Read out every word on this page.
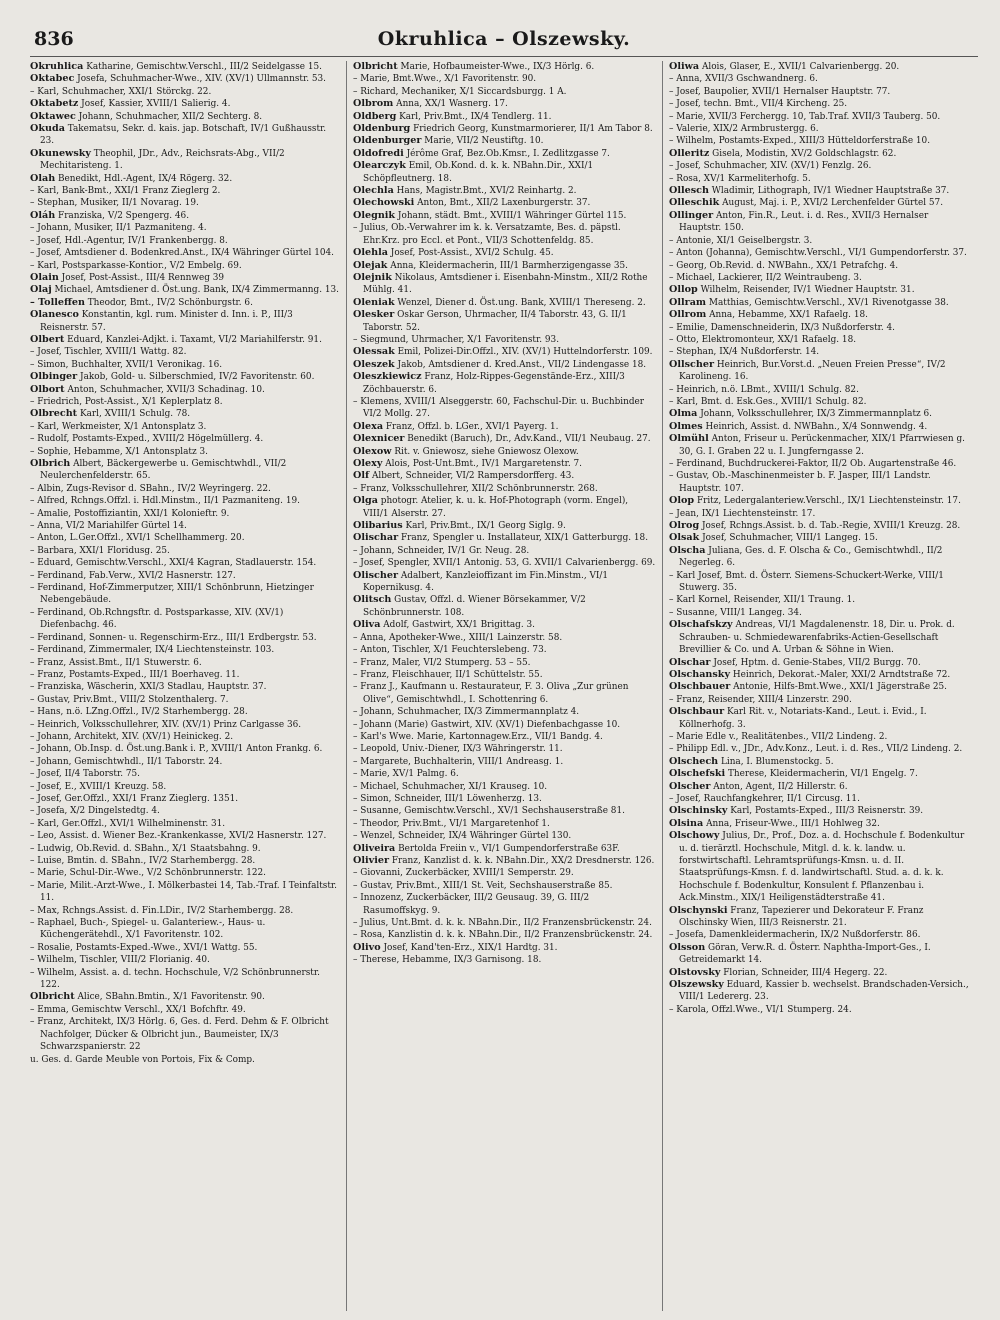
836	Okruhlica – Olszewsky.

Okruhlica Katharine, Gemischtw.Verschl., III/2 Seidelgasse 15.

Oktabec Josefa, Schuhmacher-Wwe., XIV. (XV/1) Ullmannstr. 53.

– Karl, Schuhmacher, XXI/1 Störckg. 22.

Oktabetz Josef, Kassier, XVIII/1 Salierig. 4.

Oktawec Johann, Schuhmacher, XII/2 Sechterg. 8.

Okuda Takematsu, Sekr. d. kais. jap. Botschaft, IV/1 Gußhausstr. 23.

Okunewsky Theophil, JDr., Adv., Reichsrats-Abg., VII/2 Mechitaristeng. 1.

Olah Benedikt, Hdl.-Agent, IX/4 Rögerg. 32.

– Karl, Bank-Bmt., XXI/1 Franz Zieglerg 2.

– Stephan, Musiker, II/1 Novarag. 19.

Oláh Franziska, V/2 Spengerg. 46.

– Johann, Musiker, II/1 Pazmaniteng. 4.

– Josef, Hdl.-Agentur, IV/1 Frankenbergg. 8.

– Josef, Amtsdiener d. Bodenkred.Anst., IX/4 Währinger Gürtel 104.

– Karl, Postsparkasse-Kontior., V/2 Embelg. 69.

Olain Josef, Post-Assist., III/4 Rennweg 39

Olaj Michael, Amtsdiener d. Öst.ung. Bank, IX/4 Zimmermanng. 13.

– Tolleffen Theodor, Bmt., IV/2 Schönburgstr. 6.

Olanesco Konstantin, kgl. rum. Minister d. Inn. i. P., III/3 Reisnerstr. 57.

Olbert Eduard, Kanzlei-Adjkt. i. Taxamt, VI/2 Mariahilferstr. 91.

– Josef, Tischler, XVIII/1 Wattg. 82.

– Simon, Buchhalter, XVII/1 Veronikag. 16.

Olbinger Jakob, Gold- u. Silberschmied, IV/2 Favoritenstr. 60.

Olbort Anton, Schuhmacher, XVII/3 Schadinag. 10.

– Friedrich, Post-Assist., X/1 Keplerplatz 8.

Olbrecht Karl, XVIII/1 Schulg. 78.

– Karl, Werkmeister, X/1 Antonsplatz 3.

– Rudolf, Postamts-Exped., XVIII/2 Högelmüllerg. 4.

– Sophie, Hebamme, X/1 Antonsplatz 3.

Olbrich Albert, Bäckergewerbe u. Gemischtwhdl., VII/2 Neulerchenfelderstr. 65.

– Albin, Zugs-Revisor d. SBahn., IV/2 Weyringerg. 22.

– Alfred, Rchngs.Offzl. i. Hdl.Minstm., II/1 Pazmaniteng. 19.

– Amalie, Postoffiziantin, XXI/1 Kolonieftr. 9.

– Anna, VI/2 Mariahilfer Gürtel 14.

– Anton, L.Ger.Offzl., XVI/1 Schellhammerg. 20.

– Barbara, XXI/1 Floridusg. 25.

– Eduard, Gemischtw.Verschl., XXI/4 Kagran, Stadlauerstr. 154.

– Ferdinand, Fab.Verw., XVI/2 Hasnerstr. 127.

– Ferdinand, Hof-Zimmerputzer, XIII/1 Schönbrunn, Hietzinger Nebengebäude.

– Ferdinand, Ob.Rchngsftr. d. Postsparkasse, XIV. (XV/1) Diefenbachg. 46.

– Ferdinand, Sonnen- u. Regenschirm-Erz., III/1 Erdbergstr. 53.

– Ferdinand, Zimmermaler, IX/4 Liechtensteinstr. 103.

– Franz, Assist.Bmt., II/1 Stuwerstr. 6.

– Franz, Postamts-Exped., III/1 Boerhaveg. 11.

– Franziska, Wäscherin, XXI/3 Stadlau, Hauptstr. 37.

– Gustav, Priv.Bmt., VIII/2 Stolzenthalerg. 7.

– Hans, n.ö. LZng.Offzl., IV/2 Starhembergg. 28.

– Heinrich, Volksschullehrer, XIV. (XV/1) Prinz Carlgasse 36.

– Johann, Architekt, XIV. (XV/1) Heinickeg. 2.

– Johann, Ob.Insp. d. Öst.ung.Bank i. P., XVIII/1 Anton Frankg. 6.

– Johann, Gemischtwhdl., II/1 Taborstr. 24.

– Josef, II/4 Taborstr. 75.

– Josef, E., XVIII/1 Kreuzg. 58.

– Josef, Ger.Offzl., XXI/1 Franz Zieglerg. 1351.

– Josefa, X/2 Dingelstedtg. 4.

– Karl, Ger.Offzl., XVI/1 Wilhelminenstr. 31.

– Leo, Assist. d. Wiener Bez.-Krankenkasse, XVI/2 Hasnerstr. 127.

– Ludwig, Ob.Revid. d. SBahn., X/1 Staatsbahng. 9.

– Luise, Bmtin. d. SBahn., IV/2 Starhembergg. 28.

– Marie, Schul-Dir.-Wwe., V/2 Schönbrunnerstr. 122.

– Marie, Milit.-Arzt-Wwe., I. Mölkerbastei 14, Tab.-Traf. I Teinfaltstr. 11.

– Max, Rchngs.Assist. d. Fin.LDir., IV/2 Starhembergg. 28.

– Raphael, Buch-, Spiegel- u. Galanteriew.-, Haus- u. Küchengerätehdl., X/1 Favoritenstr. 102.

– Rosalie, Postamts-Exped.-Wwe., XVI/1 Wattg. 55.

– Wilhelm, Tischler, VIII/2 Florianig. 40.

– Wilhelm, Assist. a. d. techn. Hochschule, V/2 Schönbrunnerstr. 122.

Olbricht Alice, SBahn.Bmtin., X/1 Favoritenstr. 90.

– Emma, Gemischtw Verschl., XX/1 Bofchftr. 49.

– Franz, Architekt, IX/3 Hörlg. 6, Ges. d. Ferd. Dehm & F. Olbricht Nachfolger, Dücker & Olbricht jun., Baumeister, IX/3 Schwarzspanierstr. 22

u. Ges. d. Garde Meuble von Portois, Fix & Comp.

Olbricht Marie, Hofbaumeister-Wwe., IX/3 Hörlg. 6.

– Marie, Bmt.Wwe., X/1 Favoritenstr. 90.

– Richard, Mechaniker, X/1 Siccardsburgg. 1 A.

Olbrom Anna, XX/1 Wasnerg. 17.

Oldberg Karl, Priv.Bmt., IX/4 Tendlerg. 11.

Oldenburg Friedrich Georg, Kunstmarmorierer, II/1 Am Tabor 8.

Oldenburger Marie, VII/2 Neustiftg. 10.

Oldofredi Jérôme Graf, Bez.Ob.Kmsr., I. Zedlitzgasse 7.

Olearczyk Emil, Ob.Kond. d. k. k. NBahn.Dir., XXI/1 Schöpfleutnerg. 18.

Olechla Hans, Magistr.Bmt., XVI/2 Reinhartg. 2.

Olechowski Anton, Bmt., XII/2 Laxenburgerstr. 37.

Olegnik Johann, städt. Bmt., XVIII/1 Währinger Gürtel 115.

– Julius, Ob.-Verwahrer im k. k. Versatzamte, Bes. d. päpstl. Ehr.Krz. pro Eccl. et Pont., VII/3 Schottenfeldg. 85.

Olehla Josef, Post-Assist., XVI/2 Schulg. 45.

Olejak Anna, Kleidermacherin, III/1 Barmherzigengasse 35.

Olejnik Nikolaus, Amtsdiener i. Eisenbahn-Minstm., XII/2 Rothe Mühlg. 41.

Oleniak Wenzel, Diener d. Öst.ung. Bank, XVIII/1 Thereseng. 2.

Olesker Oskar Gerson, Uhrmacher, II/4 Taborstr. 43, G. II/1 Taborstr. 52.

– Siegmund, Uhrmacher, X/1 Favoritenstr. 93.

Olessak Emil, Polizei-Dir.Offzl., XIV. (XV/1) Huttelndorferstr. 109.

Oleszek Jakob, Amtsdiener d. Kred.Anst., VII/2 Lindengasse 18.

Oleszkiewicz Franz, Holz-Rippes-Gegenstände-Erz., XIII/3 Zöchbauerstr. 6.

– Klemens, XVIII/1 Alseggerstr. 60, Fachschul-Dir. u. Buchbinder VI/2 Mollg. 27.

Olexa Franz, Offzl. b. LGer., XVI/1 Payerg. 1.

Olexnicer Benedikt (Baruch), Dr., Adv.Kand., VII/1 Neubaug. 27.

Olexow Rit. v. Gniewosz, siehe Gniewosz Olexow.

Olexy Alois, Post-Unt.Bmt., IV/1 Margaretenstr. 7.

Olf Albert, Schneider, VI/2 Rampersdorfferg. 43.

– Franz, Volksschullehrer, XII/2 Schönbrunnerstr. 268.

Olga photogr. Atelier, k. u. k. Hof-Photograph (vorm. Engel), VIII/1 Alserstr. 27.

Olibarius Karl, Priv.Bmt., IX/1 Georg Siglg. 9.

Olischar Franz, Spengler u. Installateur, XIX/1 Gatterburgg. 18.

– Johann, Schneider, IV/1 Gr. Neug. 28.

– Josef, Spengler, XVII/1 Antonig. 53, G. XVII/1 Calvarienbergg. 69.

Olischer Adalbert, Kanzleioffizant im Fin.Minstm., VI/1 Kopernikusg. 4.

Olitsch Gustav, Offzl. d. Wiener Börsekammer, V/2 Schönbrunnerstr. 108.

Oliva Adolf, Gastwirt, XX/1 Brigittag. 3.

– Anna, Apotheker-Wwe., XIII/1 Lainzerstr. 58.

– Anton, Tischler, X/1 Feuchterslebeng. 73.

– Franz, Maler, VI/2 Stumperg. 53 – 55.

– Franz, Fleischhauer, II/1 Schüttelstr. 55.

– Franz J., Kaufmann u. Restaurateur, F. 3. Oliva „Zur grünen Olive“, Gemischtwhdl., I. Schottenring 6.

– Johann, Schuhmacher, IX/3 Zimmermannplatz 4.

– Johann (Marie) Gastwirt, XIV. (XV/1) Diefenbachgasse 10.

– Karl's Wwe. Marie, Kartonnagew.Erz., VII/1 Bandg. 4.

– Leopold, Univ.-Diener, IX/3 Währingerstr. 11.

– Margarete, Buchhalterin, VIII/1 Andreasg. 1.

– Marie, XV/1 Palmg. 6.

– Michael, Schuhmacher, XI/1 Krauseg. 10.

– Simon, Schneider, III/1 Löwenherzg. 13.

– Susanne, Gemischtw.Verschl., XV/1 Sechshauserstraße 81.

– Theodor, Priv.Bmt., VI/1 Margaretenhof 1.

– Wenzel, Schneider, IX/4 Währinger Gürtel 130.

Oliveira Bertolda Freiin v., VI/1 Gumpendorferstraße 63F.

Olivier Franz, Kanzlist d. k. k. NBahn.Dir., XX/2 Dresdnerstr. 126.

– Giovanni, Zuckerbäcker, XVIII/1 Semperstr. 29.

– Gustav, Priv.Bmt., XIII/1 St. Veit, Sechshauserstraße 85.

– Innozenz, Zuckerbäcker, III/2 Geusaug. 39, G. III/2 Rasumoffskyg. 9.

– Julius, Unt.Bmt. d. k. k. NBahn.Dir., II/2 Franzensbrückenstr. 24.

– Rosa, Kanzlistin d. k. k. NBahn.Dir., II/2 Franzensbrückenstr. 24.

Olivo Josef, Kand'ten-Erz., XIX/1 Hardtg. 31.

– Therese, Hebamme, IX/3 Garnisong. 18.

Oliwa Alois, Glaser, E., XVII/1 Calvarienbergg. 20.

– Anna, XVII/3 Gschwandnerg. 6.

– Josef, Baupolier, XVII/1 Hernalser Hauptstr. 77.

– Josef, techn. Bmt., VII/4 Kircheng. 25.

– Marie, XVII/3 Ferchergg. 10, Tab.Traf. XVII/3 Tauberg. 50.

– Valerie, XIX/2 Armbrustergg. 6.

– Wilhelm, Postamts-Exped., XIII/3 Hütteldorferstraße 10.

Olleritz Gisela, Modistin, XV/2 Goldschlagstr. 62.

– Josef, Schuhmacher, XIV. (XV/1) Fenzlg. 26.

– Rosa, XV/1 Karmeliterhofg. 5.

Ollesch Wladimir, Lithograph, IV/1 Wiedner Hauptstraße 37.

Olleschik August, Maj. i. P., XVI/2 Lerchenfelder Gürtel 57.

Ollinger Anton, Fin.R., Leut. i. d. Res., XVII/3 Hernalser Hauptstr. 150.

– Antonie, XI/1 Geiselbergstr. 3.

– Anton (Johanna), Gemischtw.Verschl., VI/1 Gumpendorferstr. 37.

– Georg, Ob.Revid. d. NWBahn., XX/1 Petrafchg. 4.

– Michael, Lackierer, II/2 Weintraubeng. 3.

Ollop Wilhelm, Reisender, IV/1 Wiedner Hauptstr. 31.

Ollram Matthias, Gemischtw.Verschl., XV/1 Rivenotgasse 38.

Ollrom Anna, Hebamme, XX/1 Rafaelg. 18.

– Emilie, Damenschneiderin, IX/3 Nußdorferstr. 4.

– Otto, Elektromonteur, XX/1 Rafaelg. 18.

– Stephan, IX/4 Nußdorferstr. 14.

Ollscher Heinrich, Bur.Vorst.d. „Neuen Freien Presse“, IV/2 Karolineng. 16.

– Heinrich, n.ö. LBmt., XVIII/1 Schulg. 82.

– Karl, Bmt. d. Esk.Ges., XVIII/1 Schulg. 82.

Olma Johann, Volksschullehrer, IX/3 Zimmermannplatz 6.

Olmes Heinrich, Assist. d. NWBahn., X/4 Sonnwendg. 4.

Olmühl Anton, Friseur u. Perückenmacher, XIX/1 Pfarrwiesen g. 30, G. I. Graben 22 u. I. Jungferngasse 2.

– Ferdinand, Buchdruckerei-Faktor, II/2 Ob. Augartenstraße 46.

– Gustav, Ob.-Maschinenmeister b. F. Jasper, III/1 Landstr. Hauptstr. 107.

Olop Fritz, Ledergalanteriew.Verschl., IX/1 Liechtensteinstr. 17.

– Jean, IX/1 Liechtensteinstr. 17.

Olrog Josef, Rchngs.Assist. b. d. Tab.-Regie, XVIII/1 Kreuzg. 28.

Olsak Josef, Schuhmacher, VIII/1 Langeg. 15.

Olscha Juliana, Ges. d. F. Olscha & Co., Gemischtwhdl., II/2 Negerleg. 6.

– Karl Josef, Bmt. d. Österr. Siemens-Schuckert-Werke, VIII/1 Stuwerg. 35.

– Karl Kornel, Reisender, XII/1 Traung. 1.

– Susanne, VIII/1 Langeg. 34.

Olschafskzy Andreas, VI/1 Magdalenenstr. 18, Dir. u. Prok. d. Schrauben- u. Schmiedewarenfabriks-Actien-Gesellschaft Brevillier & Co. und A. Urban & Söhne in Wien.

Olschar Josef, Hptm. d. Genie-Stabes, VII/2 Burgg. 70.

Olschansky Heinrich, Dekorat.-Maler, XXI/2 Arndtstraße 72.

Olschbauer Antonie, Hilfs-Bmt.Wwe., XXI/1 Jägerstraße 25.

– Franz, Reisender, XIII/4 Linzerstr. 290.

Olschbaur Karl Rit. v., Notariats-Kand., Leut. i. Evid., I. Köllnerhofg. 3.

– Marie Edle v., Realitätenbes., VII/2 Lindeng. 2.

– Philipp Edl. v., JDr., Adv.Konz., Leut. i. d. Res., VII/2 Lindeng. 2.

Olschech Lina, I. Blumenstockg. 5.

Olschefski Therese, Kleidermacherin, VI/1 Engelg. 7.

Olscher Anton, Agent, II/2 Hillerstr. 6.

– Josef, Rauchfangkehrer, II/1 Circusg. 11.

Olschinsky Karl, Postamts-Exped., III/3 Reisnerstr. 39.

Olsina Anna, Friseur-Wwe., III/1 Hohlweg 32.

Olschowy Julius, Dr., Prof., Doz. a. d. Hochschule f. Bodenkultur u. d. tierärztl. Hochschule, Mitgl. d. k. k. landw. u. forstwirtschaftl. Lehramtsprüfungs-Kmsn. u. d. II. Staatsprüfungs-Kmsn. f. d. landwirtschaftl. Stud. a. d. k. k. Hochschule f. Bodenkultur, Konsulent f. Pflanzenbau i. Ack.Minstm., XIX/1 Heiligenstädterstraße 41.

Olschynski Franz, Tapezierer und Dekorateur F. Franz Olschinsky Wien, III/3 Reisnerstr. 21.

– Josefa, Damenkleidermacherin, IX/2 Nußdorferstr. 86.

Olsson Göran, Verw.R. d. Österr. Naphtha-Import-Ges., I. Getreidemarkt 14.

Olstovsky Florian, Schneider, III/4 Hegerg. 22.

Olszewsky Eduard, Kassier b. wechselst. Brandschaden-Versich., VIII/1 Ledererg. 23.

– Karola, Offzl.Wwe., VI/1 Stumperg. 24.
